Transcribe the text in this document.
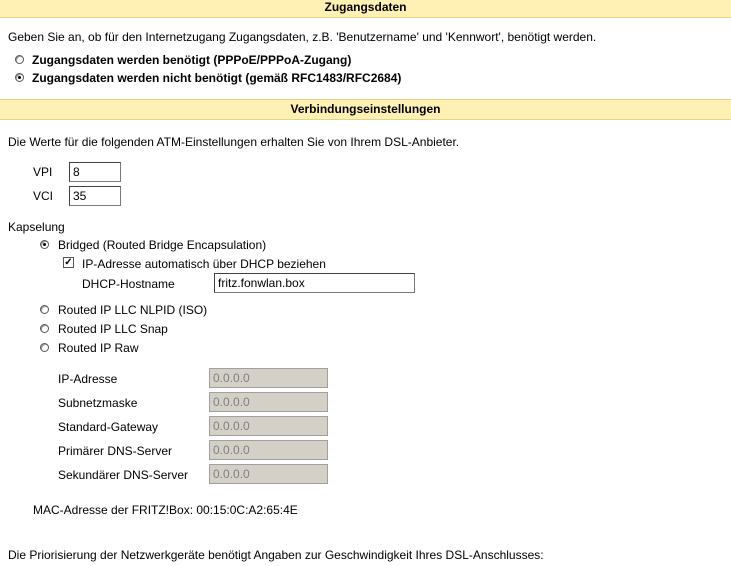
Zugangsdaten
Geben Sie an, ob für den Internetzugang Zugangsdaten, z.B. 'Benutzername' und 'Kennwort', benötigt werden.
Zugangsdaten werden benötigt (PPPoE/PPPoA-Zugang)
Zugangsdaten werden nicht benötigt (gemäß RFC1483/RFC2684)
Verbindungseinstellungen
Die Werte für die folgenden ATM-Einstellungen erhalten Sie von Ihrem DSL-Anbieter.
VPI
8
VCI
35
Kapselung
Bridged (Routed Bridge Encapsulation)
✓ IP-Adresse automatisch über DHCP beziehen
DHCP-Hostname
fritz.fonwlan.box
Routed IP LLC NLPID (ISO)
Routed IP LLC Snap
Routed IP Raw
IP-Adresse
0.0.0.0
Subnetzmaske
0.0.0.0
Standard-Gateway
0.0.0.0
Primärer DNS-Server
0.0.0.0
Sekundärer DNS-Server
0.0.0.0
MAC-Adresse der FRITZ!Box: 00:15:0C:A2:65:4E
Die Priorisierung der Netzwerkgeräte benötigt Angaben zur Geschwindigkeit Ihres DSL-Anschlusses:
